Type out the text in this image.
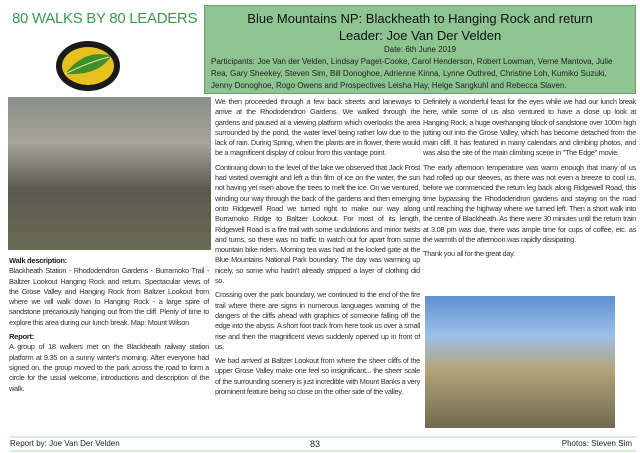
80 WALKS BY 80 LEADERS	Blue Mountains NP: Blackheath to Hanging Rock and return
Leader: Joe Van Der Velden
Date: 6th June 2019
Participants: Joe Van der Velden, Lindsay Paget-Cooke, Carol Henderson, Robert Lowman, Verne Mantova, Julie Rea, Gary Sheekey, Steven Sim, Bill Donoghoe, Adrienne Kinna, Lynne Outhred, Christine Loh, Kumiko Suzuki, Jenny Donoghoe, Rogo Owens and Prospectives Leisha Hay, Helge Sangkuhl and Rebecca Slaven.
Walk description:

Blackheath Station - Rhododendron Gardens - Burramoko Trail - Baltzer Lookout Hanging Rock and return. Spectacular views of the Grose Valley and Hanging Rock from Baltzer Lookout from where we will walk down to Hanging Rock - a large spire of sandstone precariously hanging out from the cliff. Plenty of time to explore this area during our lunch break. Map: Mount Wilson

Report:

A group of 18 walkers met on the Blackheath railway station platform at 9.35 on a sunny winter's morning. After everyone had signed on, the group moved to the park across the road to form a circle for the usual welcome, introductions and description of the walk.

We then proceeded through a few back streets and laneways to arrive at the Rhododendron Gardens. We walked through the gardens and paused at a viewing platform which overlooks the area surrounded by the pond, the water level being rather low due to the lack of rain. During Spring, when the plants are in flower, there would be a magnificent display of colour from this vantage point.

Continuing down to the level of the lake we observed that Jack Frost had visited overnight and left a thin film of ice on the water, the sun not having yet risen above the trees to melt the ice. On we ventured, winding our way through the back of the gardens and then emerging onto Ridgewell Road we turned right to make our way along Burramoko Ridge to Baltzer Lookout. For most of its length, Ridgewell Road is a fire trail with some undulations and minor twists and turns, so there was no traffic to watch out for apart from some mountain bike riders. Morning tea was had at the locked gate at the Blue Mountains National Park boundary. The day was warming up nicely, so some who hadn't already stripped a layer of clothing did so.

Crossing over the park boundary, we continued to the end of the fire trail where there are signs in numerous languages warning of the dangers of the cliffs ahead with graphics of someone falling off the edge into the abyss. A short foot track from here took us over a small rise and then the magnificent views suddenly opened up in front of us.

We had arrived at Baltzer Lookout from where the sheer cliffs of the upper Grose Valley make one feel so insignificant... the sheer scale of the surrounding scenery is just incredible with Mount Banks a very prominent feature being so close on the other side of the valley.

Definitely a wonderful feast for the eyes while we had our lunch break here, while some of us also ventured to have a close up look at Hanging Rock, a huge overhanging block of sandstone over 100m high jutting out into the Grose Valley, which has become detached from the main cliff. It has featured in many calendars and climbing photos, and was also the site of the main climbing scene in "The Edge" movie.

The early afternoon temperature was warm enough that many of us had rolled up our sleeves, as there was not even a breeze to cool us, before we commenced the return leg back along Ridgewell Road, this time bypassing the Rhododendron gardens and staying on the road until reaching the highway where we turned left. Then a short walk into the centre of Blackheath. As there were 30 minutes until the return train at 3.08 pm was due, there was ample time for cups of coffee, etc. as the warmth of the afternoon was rapidly dissipating.

Thank you all for the great day.

Report by: Joe Van Der Velden	83	Photos: Steven Sim
